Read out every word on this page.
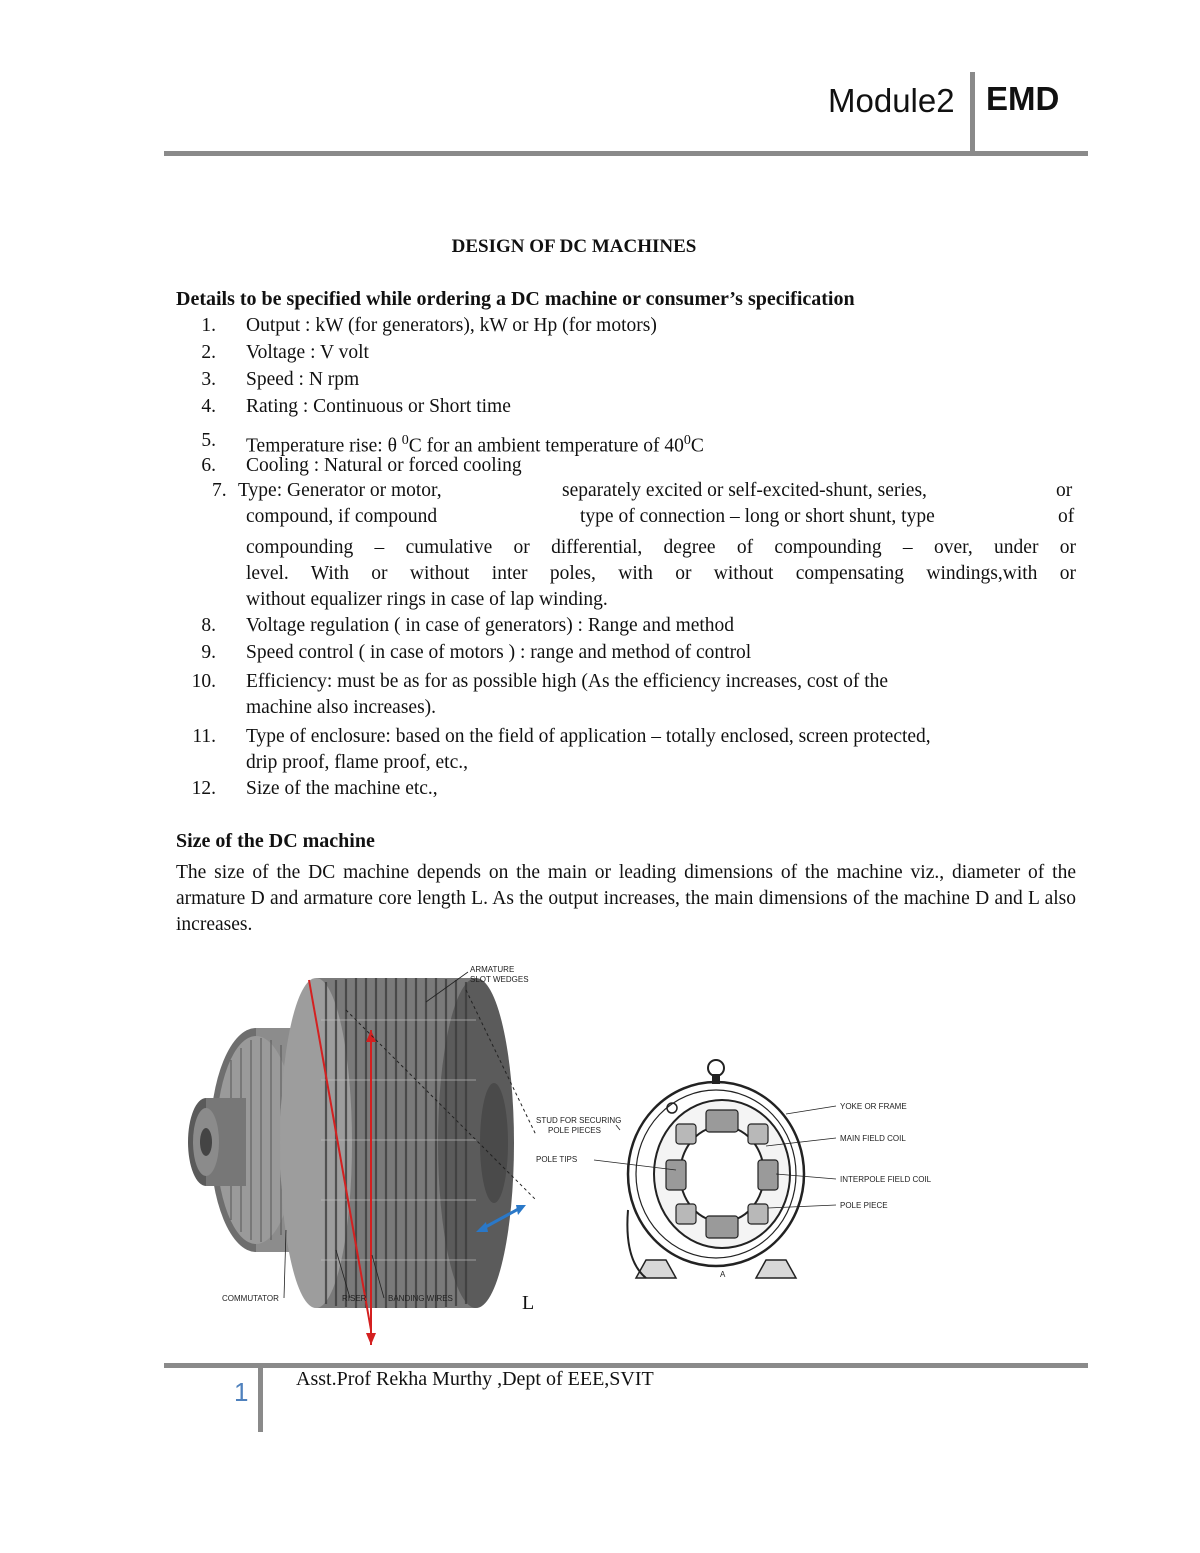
Module2 EMD
DESIGN OF DC MACHINES
Details to be specified while ordering a DC machine or consumer’s specification
1. Output : kW (for generators), kW or Hp (for motors)
2. Voltage : V volt
3. Speed : N rpm
4. Rating : Continuous or Short time
5. Temperature rise: θ $^0$C for an ambient temperature of $40^0C$
6. Cooling : Natural or forced cooling
7. Type: Generator or motor,	separately excited or self-excited-shunt, series,	or
compound, if compound	type of connection – long or short shunt, type	of
compounding – cumulative or differential, degree of compounding – over, under or
level. With or without inter poles, with or without compensating windings,with or
without equalizer rings in case of lap winding.
8. Voltage regulation ( in case of generators) : Range and method
9. Speed control ( in case of motors ) : range and method of control
10. Efficiency: must be as for as possible high (As the efficiency increases, cost of the
machine also increases).
11. Type of enclosure: based on the field of application – totally enclosed, screen protected,
drip proof, flame proof, etc.,
12. Size of the machine etc.,
Size of the DC machine
The size of the DC machine depends on the main or leading dimensions of the machine viz., diameter of the armature D and armature core length L. As the output increases, the main dimensions of the machine D and L also increases.
ARMATURE
SLOT WEDGES
COMMUTATOR	RISER	BANDING WIRES
STUD FOR SECURING
POLE PIECES
POLE TIPS
YOKE OR FRAME
MAIN FIELD COIL
INTERPOLE FIELD COIL
POLE PIECE
A
L
1 Asst.Prof Rekha Murthy ,Dept of EEE,SVIT
